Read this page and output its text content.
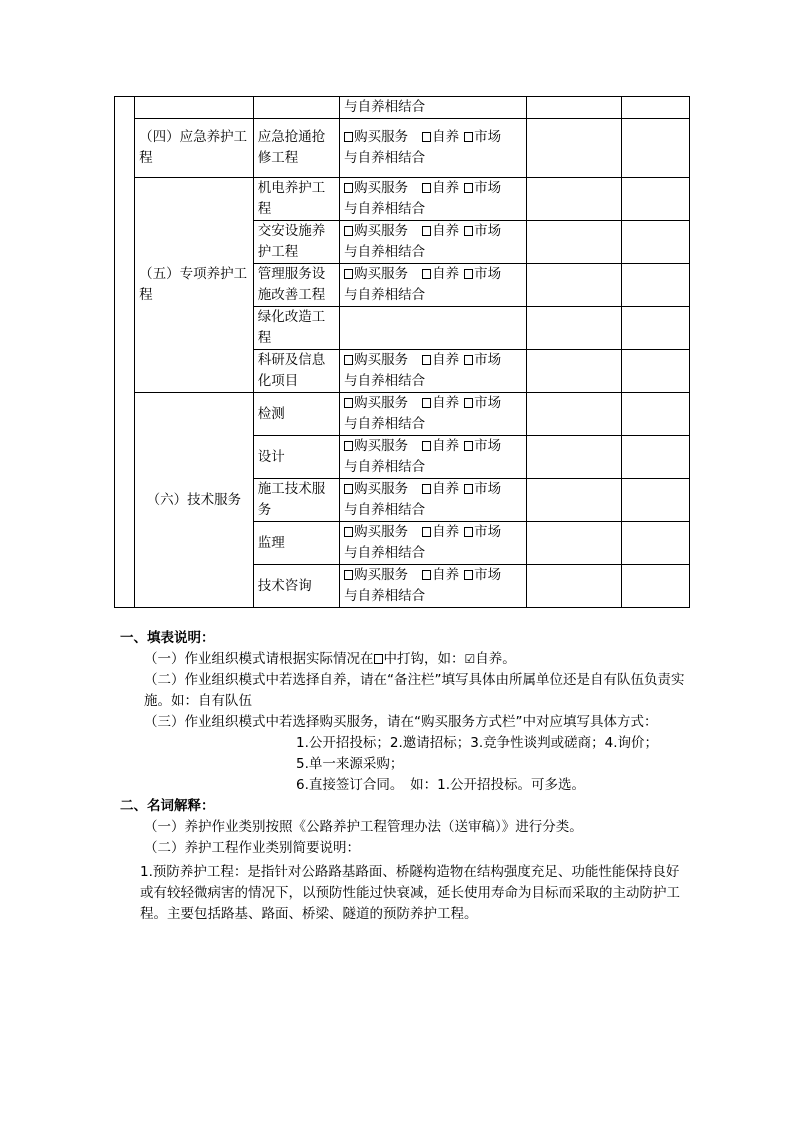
			与自养相结合		
	（四）应急养护工程	应急抢通抢修工程	购买服务 自养 市场
与自养相结合		
	（五）专项养护工程	机电养护工程	购买服务 自养 市场
与自养相结合		
		交安设施养护工程	购买服务 自养 市场
与自养相结合		
		管理服务设施改善工程	购买服务 自养 市场
与自养相结合		
		绿化改造工程			
		科研及信息化项目	购买服务 自养 市场
与自养相结合		
	（六）技术服务	检测	购买服务 自养 市场
与自养相结合		
		设计	购买服务 自养 市场
与自养相结合		
		施工技术服务	购买服务 自养 市场
与自养相结合		
		监理	购买服务 自养 市场
与自养相结合		
		技术咨询	购买服务 自养 市场
与自养相结合		

一、填表说明：

（一）作业组织模式请根据实际情况在 中打钩，如：☑自养。

（二）作业组织模式中若选择自养，请在“备注栏”填写具体由所属单位还是自有队伍负责实施。如：自有队伍

（三）作业组织模式中若选择购买服务，请在“购买服务方式栏”中对应填写具体方式：

1.公开招投标；2.邀请招标；3.竞争性谈判或磋商；4.询价；

5.单一来源采购；

6.直接签订合同。　如：1.公开招投标。可多选。

二、名词解释：

（一）养护作业类别按照《公路养护工程管理办法（送审稿）》进行分类。

（二）养护工程作业类别简要说明：

1.预防养护工程：是指针对公路路基路面、桥隧构造物在结构强度充足、功能性能保持良好或有较轻微病害的情况下，以预防性能过快衰减，延长使用寿命为目标而采取的主动防护工程。主要包括路基、路面、桥梁、隧道的预防养护工程。
